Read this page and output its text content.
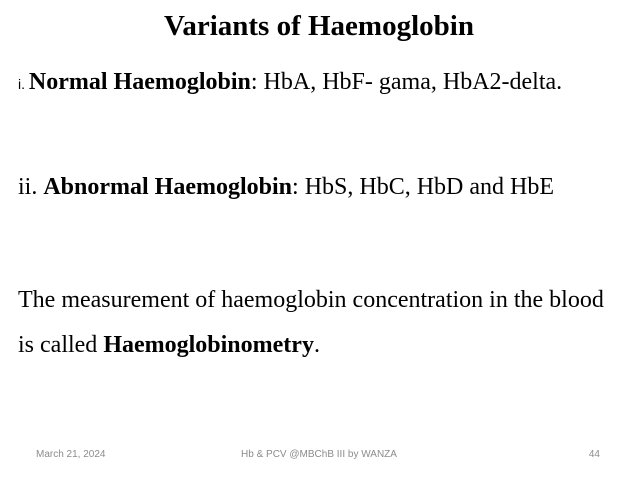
Variants of Haemoglobin

i. Normal Haemoglobin: HbA, HbF- gama, HbA2-delta.

ii. Abnormal Haemoglobin: HbS, HbC, HbD and HbE

The measurement of haemoglobin concentration in the blood is called Haemoglobinometry.

March 21, 2024	Hb & PCV @MBChB III by WANZA	44
